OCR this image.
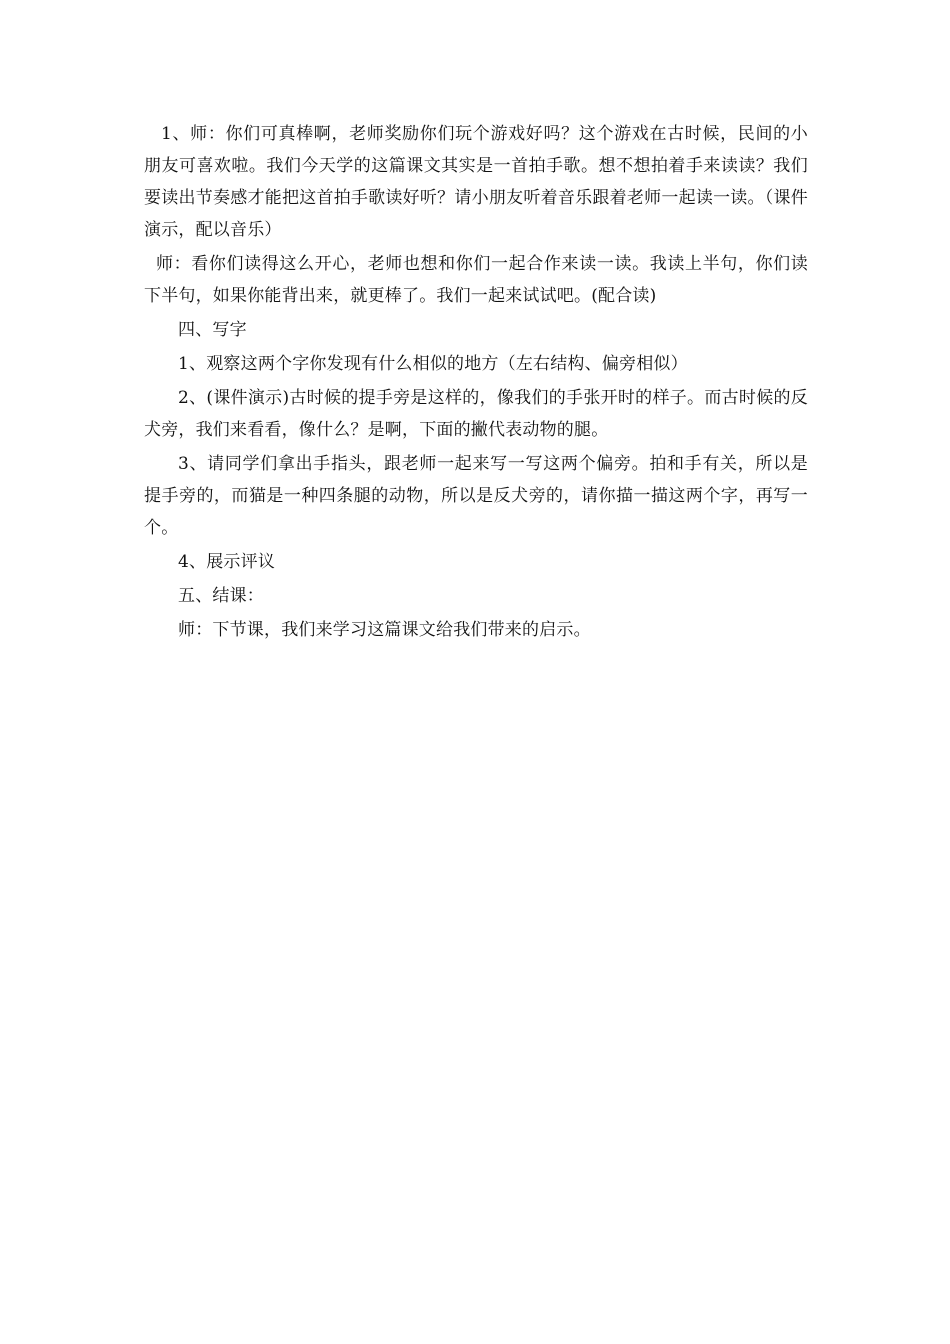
1、师：你们可真棒啊，老师奖励你们玩个游戏好吗？这个游戏在古时候，民间的小朋友可喜欢啦。我们今天学的这篇课文其实是一首拍手歌。想不想拍着手来读读？我们要读出节奏感才能把这首拍手歌读好听？请小朋友听着音乐跟着老师一起读一读。（课件演示，配以音乐）

师：看你们读得这么开心，老师也想和你们一起合作来读一读。我读上半句，你们读下半句，如果你能背出来，就更棒了。我们一起来试试吧。(配合读)

四、写字

1、观察这两个字你发现有什么相似的地方（左右结构、偏旁相似）

2、(课件演示)古时候的提手旁是这样的，像我们的手张开时的样子。而古时候的反犬旁，我们来看看，像什么？是啊，下面的撇代表动物的腿。

3、请同学们拿出手指头，跟老师一起来写一写这两个偏旁。拍和手有关，所以是提手旁的，而猫是一种四条腿的动物，所以是反犬旁的，请你描一描这两个字，再写一个。

4、展示评议

五、结课：

师：下节课，我们来学习这篇课文给我们带来的启示。
